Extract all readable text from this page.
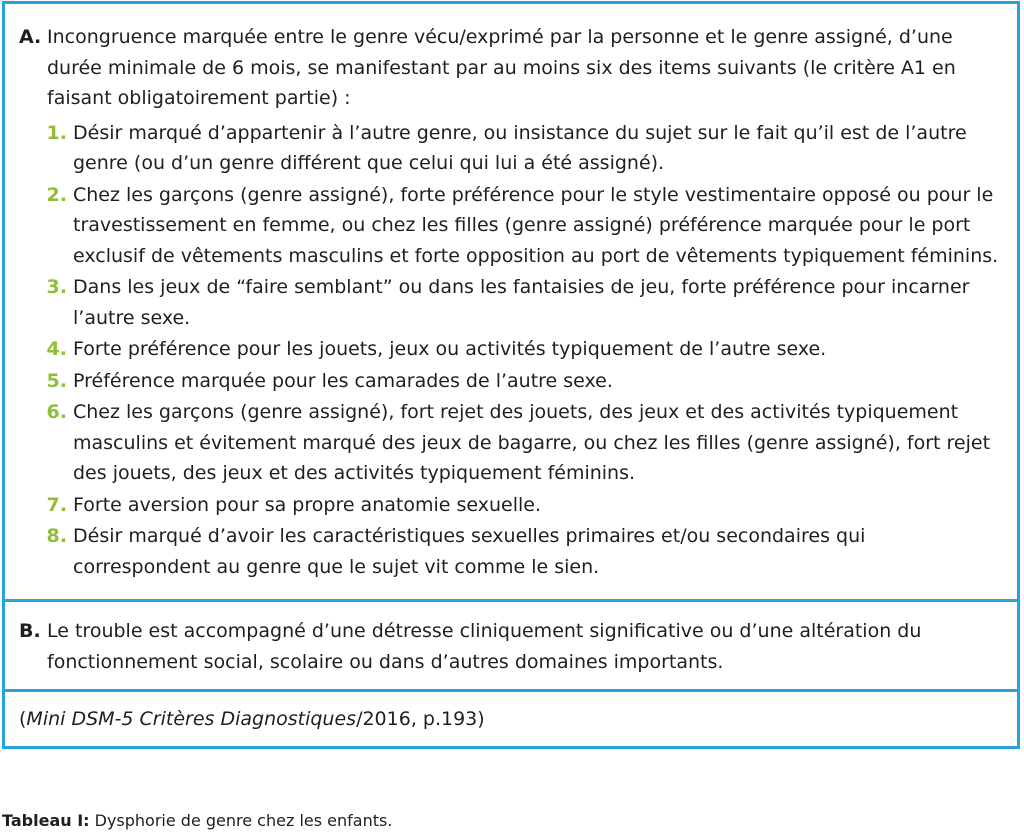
A. Incongruence marquée entre le genre vécu/exprimé par la personne et le genre assigné, d’une durée minimale de 6 mois, se manifestant par au moins six des items suivants (le critère A1 en faisant obligatoirement partie) :
1. Désir marqué d’appartenir à l’autre genre, ou insistance du sujet sur le fait qu’il est de l’autre genre (ou d’un genre différent que celui qui lui a été assigné).
2. Chez les garçons (genre assigné), forte préférence pour le style vestimentaire opposé ou pour le travestissement en femme, ou chez les filles (genre assigné) préférence marquée pour le port exclusif de vêtements masculins et forte opposition au port de vêtements typiquement féminins.
3. Dans les jeux de “faire semblant” ou dans les fantaisies de jeu, forte préférence pour incarner l’autre sexe.
4. Forte préférence pour les jouets, jeux ou activités typiquement de l’autre sexe.
5. Préférence marquée pour les camarades de l’autre sexe.
6. Chez les garçons (genre assigné), fort rejet des jouets, des jeux et des activités typiquement masculins et évitement marqué des jeux de bagarre, ou chez les filles (genre assigné), fort rejet des jouets, des jeux et des activités typiquement féminins.
7. Forte aversion pour sa propre anatomie sexuelle.
8. Désir marqué d’avoir les caractéristiques sexuelles primaires et/ou secondaires qui correspondent au genre que le sujet vit comme le sien.
B. Le trouble est accompagné d’une détresse cliniquement significative ou d’une altération du fonctionnement social, scolaire ou dans d’autres domaines importants.
(Mini DSM-5 Critères Diagnostiques/2016, p.193)
Tableau I: Dysphorie de genre chez les enfants.
